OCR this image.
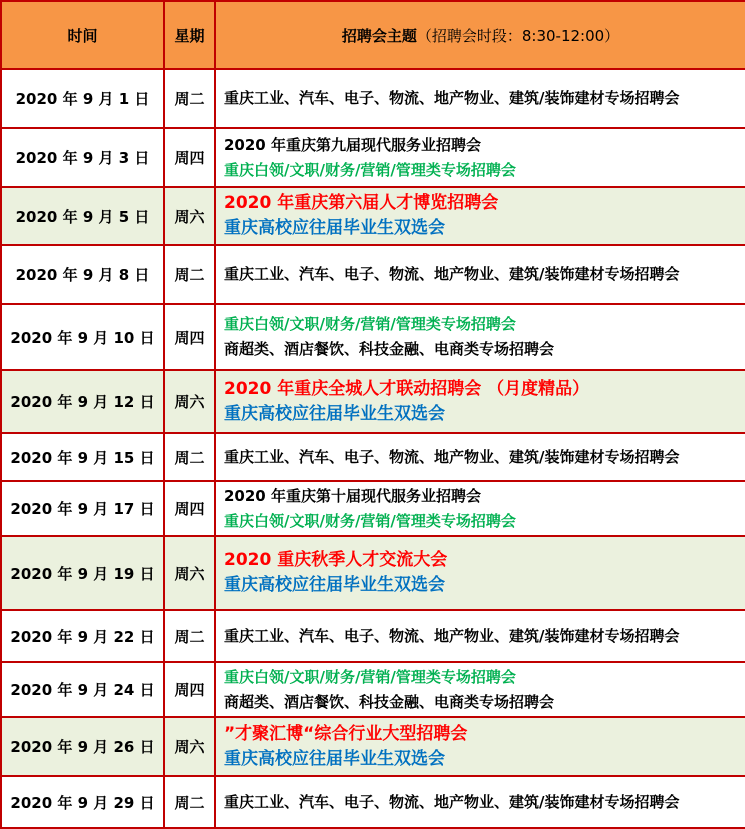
时间	星期	招聘会主题（招聘会时段：8:30-12:00）
2020 年 9 月 1 日	周二	重庆工业、汽车、电子、物流、地产物业、建筑/装饰建材专场招聘会

2020 年 9 月 3 日	周四	2020 年重庆第九届现代服务业招聘会
重庆白领/文职/财务/营销/管理类专场招聘会

2020 年 9 月 5 日	周六	2020 年重庆第六届人才博览招聘会
重庆高校应往届毕业生双选会

2020 年 9 月 8 日	周二	重庆工业、汽车、电子、物流、地产物业、建筑/装饰建材专场招聘会

2020 年 9 月 10 日	周四	重庆白领/文职/财务/营销/管理类专场招聘会
商超类、酒店餐饮、科技金融、电商类专场招聘会

2020 年 9 月 12 日	周六	2020 年重庆全城人才联动招聘会 （月度精品）
重庆高校应往届毕业生双选会

2020 年 9 月 15 日	周二	重庆工业、汽车、电子、物流、地产物业、建筑/装饰建材专场招聘会

2020 年 9 月 17 日	周四	2020 年重庆第十届现代服务业招聘会
重庆白领/文职/财务/营销/管理类专场招聘会

2020 年 9 月 19 日	周六	2020 重庆秋季人才交流大会
重庆高校应往届毕业生双选会

2020 年 9 月 22 日	周二	重庆工业、汽车、电子、物流、地产物业、建筑/装饰建材专场招聘会

2020 年 9 月 24 日	周四	重庆白领/文职/财务/营销/管理类专场招聘会
商超类、酒店餐饮、科技金融、电商类专场招聘会

2020 年 9 月 26 日	周六	”才聚汇博“综合行业大型招聘会
重庆高校应往届毕业生双选会

2020 年 9 月 29 日	周二	重庆工业、汽车、电子、物流、地产物业、建筑/装饰建材专场招聘会
